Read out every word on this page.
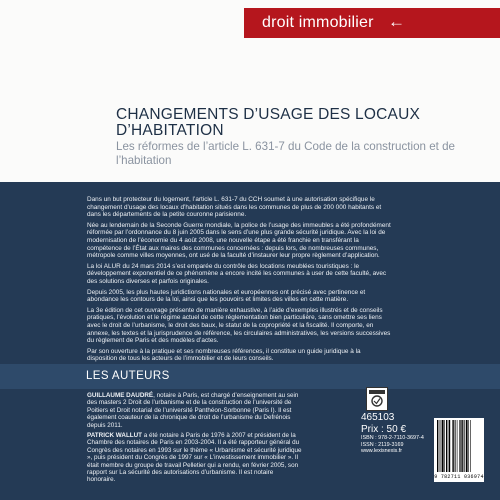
droit immobilier ←
CHANGEMENTS D’USAGE DES LOCAUX D’HABITATION
Les réformes de l’article L. 631-7 du Code de la construction et de l’habitation

Dans un but protecteur du logement, l’article L. 631-7 du CCH soumet à une autorisation spécifique le changement d’usage des locaux d’habitation situés dans les communes de plus de 200 000 habitants et dans les départements de la petite couronne parisienne.

Née au lendemain de la Seconde Guerre mondiale, la police de l’usage des immeubles a été profondément réformée par l’ordonnance du 8 juin 2005 dans le sens d’une plus grande sécurité juridique. Avec la loi de modernisation de l’économie du 4 août 2008, une nouvelle étape a été franchie en transférant la compétence de l’État aux maires des communes concernées : depuis lors, de nombreuses communes, métropole comme villes moyennes, ont usé de la faculté d’instaurer leur propre règlement d’application.

La loi ALUR du 24 mars 2014 s’est emparée du contrôle des locations meublées touristiques : le développement exponentiel de ce phénomène a encore incité les communes à user de cette faculté, avec des solutions diverses et parfois originales.

Depuis 2005, les plus hautes juridictions nationales et européennes ont précisé avec pertinence et abondance les contours de la loi, ainsi que les pouvoirs et limites des villes en cette matière.

La 3e édition de cet ouvrage présente de manière exhaustive, à l’aide d’exemples illustrés et de conseils pratiques, l’évolution et le régime actuel de cette réglementation bien particulière, sans omettre ses liens avec le droit de l’urbanisme, le droit des baux, le statut de la copropriété et la fiscalité. Il comporte, en annexe, les textes et la jurisprudence de référence, les circulaires administratives, les versions successives du règlement de Paris et des modèles d’actes.

Par son ouverture à la pratique et ses nombreuses références, il constitue un guide juridique à la disposition de tous les acteurs de l’immobilier et de leurs conseils.

LES AUTEURS

GUILLAUME DAUDRÉ, notaire à Paris, est chargé d’enseignement au sein des masters 2 Droit de l’urbanisme et de la construction de l’université de Poitiers et Droit notarial de l’université Panthéon-Sorbonne (Paris I). Il est également coauteur de la chronique de droit de l’urbanisme du Defrénois depuis 2011.

PATRICK WALLUT a été notaire à Paris de 1976 à 2007 et président de la Chambre des notaires de Paris en 2003-2004. Il a été rapporteur général du Congrès des notaires en 1993 sur le thème « Urbanisme et sécurité juridique », puis président du Congrès de 1997 sur « L’investissement immobilier ». Il était membre du groupe de travail Pelletier qui a rendu, en février 2005, son rapport sur La sécurité des autorisations d’urbanisme. Il est notaire honoraire.

465103
Prix : 50 €
ISBN : 978-2-7110-3697-4
ISSN : 2119-3169
www.lexisnexis.fr
9 782711 036974
